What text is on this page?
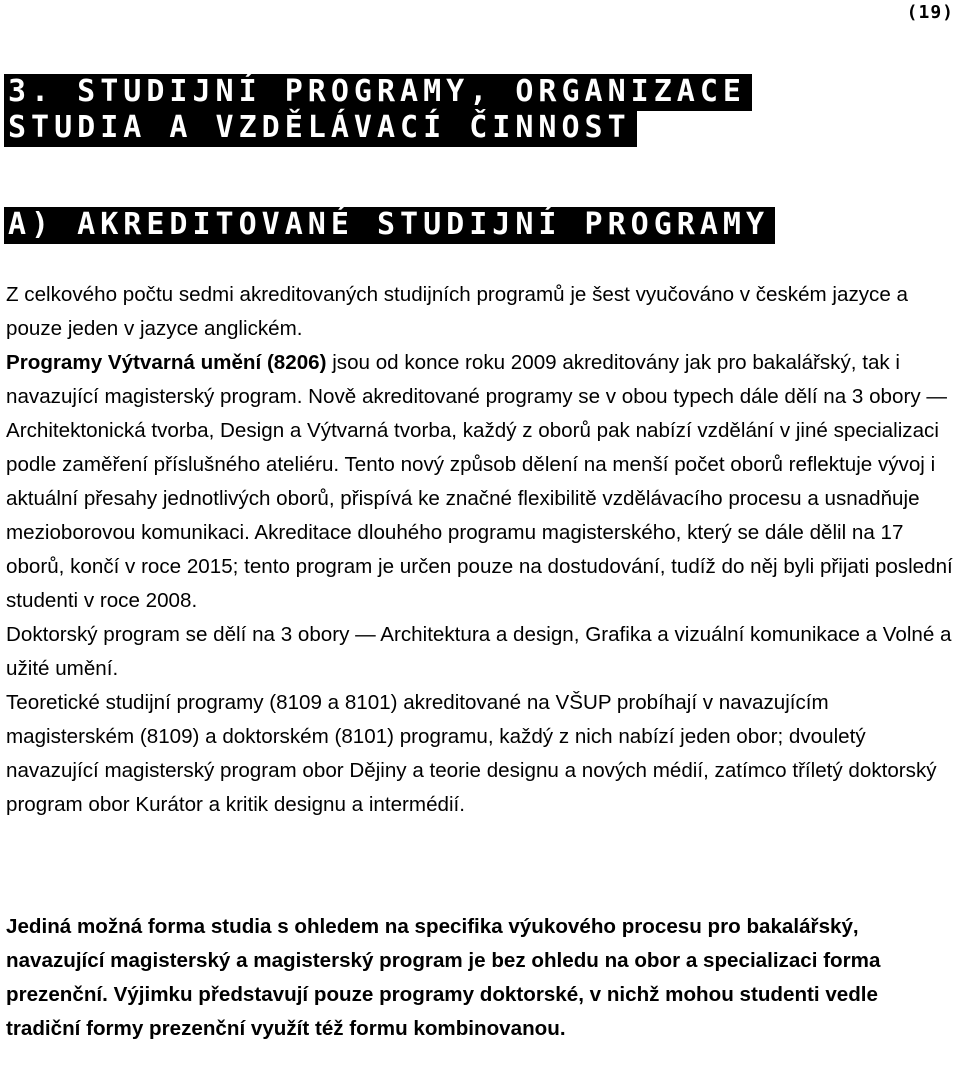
(19)
3. STUDIJNÍ PROGRAMY, ORGANIZACE STUDIA A VZDĚLÁVACÍ ČINNOST
A) AKREDITOVANÉ STUDIJNÍ PROGRAMY

Z celkového počtu sedmi akreditovaných studijních programů je šest vyučováno v českém jazyce a pouze jeden v jazyce anglickém.
Programy Výtvarná umění (8206) jsou od konce roku 2009 akreditovány jak pro bakalářský, tak i navazující magisterský program. Nově akreditované programy se v obou typech dále dělí na 3 obory — Architektonická tvorba, Design a Výtvarná tvorba, každý z oborů pak nabízí vzdělání v jiné specializaci podle zaměření příslušného ateliéru. Tento nový způsob dělení na menší počet oborů reflektuje vývoj i aktuální přesahy jednotlivých oborů, přispívá ke značné flexibilitě vzdělávacího procesu a usnadňuje mezioborovou komunikaci. Akreditace dlouhého programu magisterského, který se dále dělil na 17 oborů, končí v roce 2015; tento program je určen pouze na dostudování, tudíž do něj byli přijati poslední studenti v roce 2008.
Doktorský program se dělí na 3 obory — Architektura a design, Grafika a vizuální komunikace a Volné a užité umění.
Teoretické studijní programy (8109 a 8101) akreditované na VŠUP probíhají v navazujícím magisterském (8109) a doktorském (8101) programu, každý z nich nabízí jeden obor; dvouletý navazující magisterský program obor Dějiny a teorie designu a nových médií, zatímco tříletý doktorský program obor Kurátor a kritik designu a intermédií.

Jediná možná forma studia s ohledem na specifika výukového procesu pro bakalářský, navazující magisterský a magisterský program je bez ohledu na obor a specializaci forma prezenční. Výjimku představují pouze programy doktorské, v nichž mohou studenti vedle tradiční formy prezenční využít též formu kombinovanou.
